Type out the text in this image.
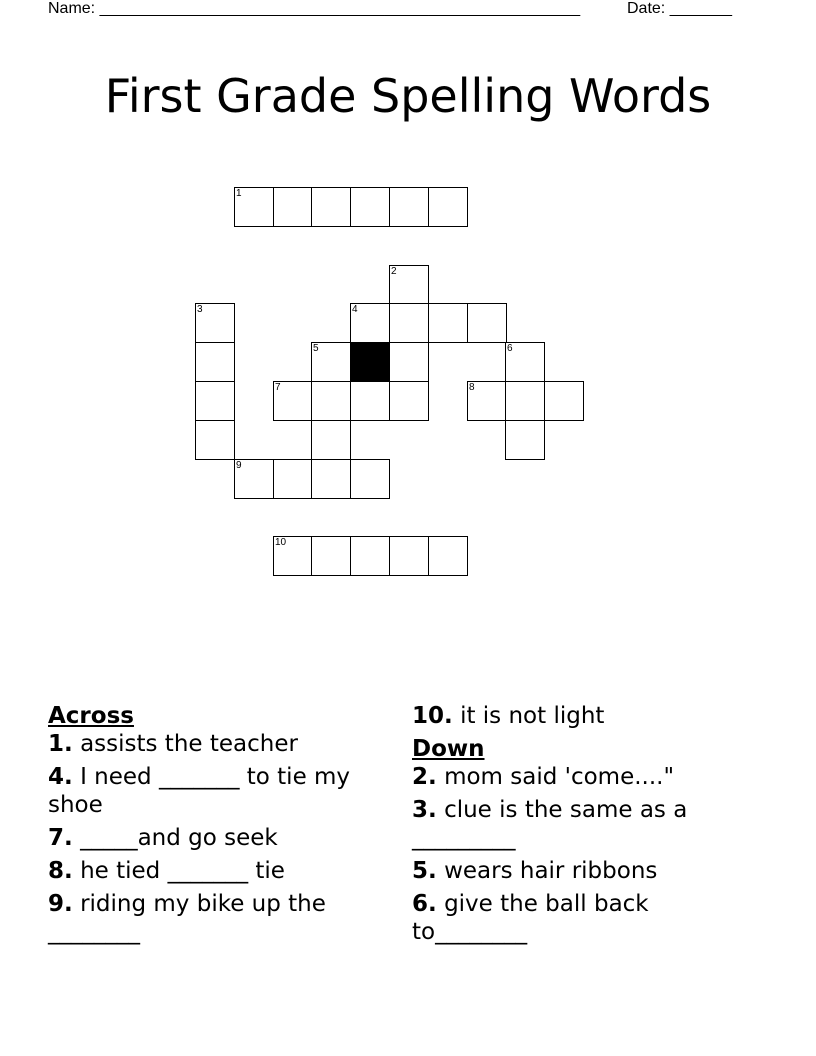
Name: ______________________________________________________	Date: _______
First Grade Spelling Words
1
2
3	4
5	6
7	8
9
10

Across

1. assists the teacher

4. I need _______ to tie my shoe

7. _____and go seek

8. he tied _______ tie

9. riding my bike up the ________

10. it is not light

Down

2. mom said 'come...."

3. clue is the same as a _________

5. wears hair ribbons

6. give the ball back to________
